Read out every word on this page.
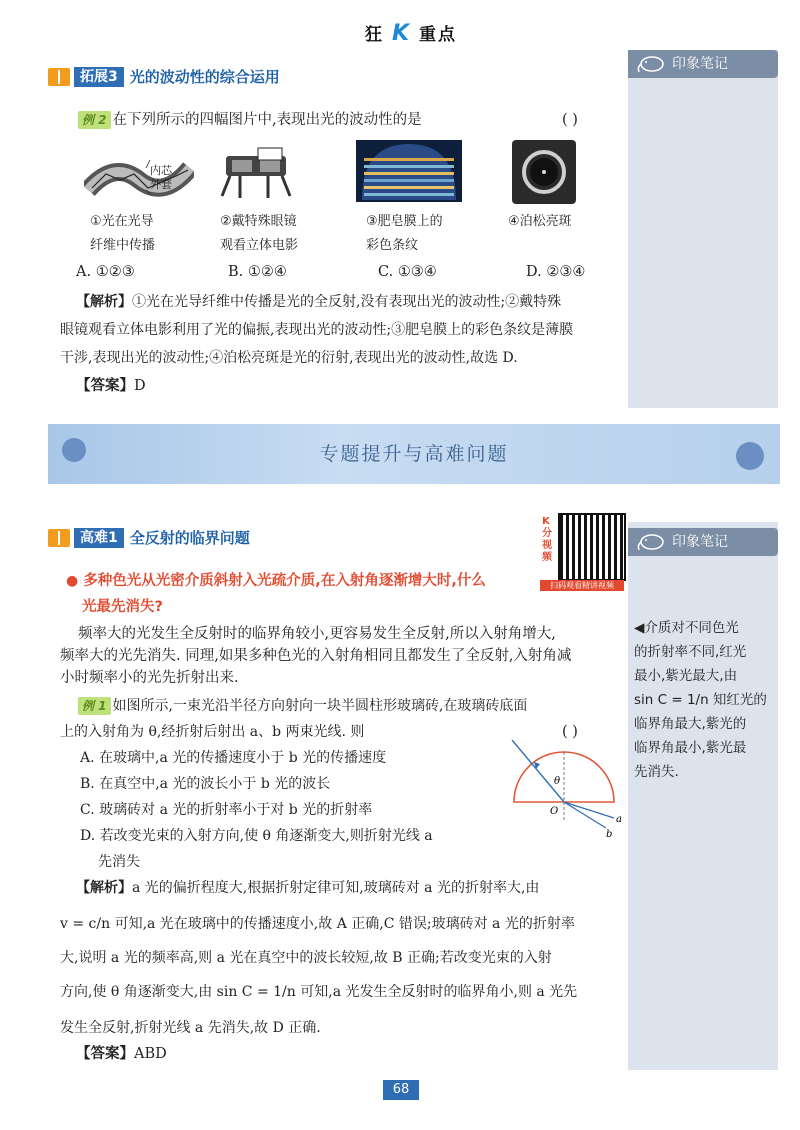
狂 K 重点
印象笔记
拓展3 光的波动性的综合运用
例 2 在下列所示的四幅图片中,表现出光的波动性的是	( )
内芯
外套
①光在光导
纤维中传播
②戴特殊眼镜
观看立体电影
③肥皂膜上的
彩色条纹
④泊松亮斑
A. ①②③	B. ①②④	C. ①③④	D. ②③④
【解析】①光在光导纤维中传播是光的全反射,没有表现出光的波动性;②戴特殊
眼镜观看立体电影利用了光的偏振,表现出光的波动性;③肥皂膜上的彩色条纹是薄膜
干涉,表现出光的波动性;④泊松亮斑是光的衍射,表现出光的波动性,故选 D.
【答案】D
专题提升与高难问题
高难1 全反射的临界问题
K分视频
扫码观看精讲视频
印象笔记
◀介质对不同色光
的折射率不同,红光
最小,紫光最大,由
sin C = 1/n 知红光的
临界角最大,紫光的
临界角最小,紫光最
先消失.
● 多种色光从光密介质斜射入光疏介质,在入射角逐渐增大时,什么
光最先消失?
频率大的光发生全反射时的临界角较小,更容易发生全反射,所以入射角增大,
频率大的光先消失. 同理,如果多种色光的入射角相同且都发生了全反射,入射角减
小时频率小的光先折射出来.
例 1 如图所示,一束光沿半径方向射向一块半圆柱形玻璃砖,在玻璃砖底面
上的入射角为 θ,经折射后射出 a、b 两束光线. 则	( )
A. 在玻璃中,a 光的传播速度小于 b 光的传播速度
B. 在真空中,a 光的波长小于 b 光的波长
C. 玻璃砖对 a 光的折射率小于对 b 光的折射率
D. 若改变光束的入射方向,使 θ 角逐渐变大,则折射光线 a
先消失
θ
O
a
b
【解析】a 光的偏折程度大,根据折射定律可知,玻璃砖对 a 光的折射率大,由
v = c/n 可知,a 光在玻璃中的传播速度小,故 A 正确,C 错误;玻璃砖对 a 光的折射率
大,说明 a 光的频率高,则 a 光在真空中的波长较短,故 B 正确;若改变光束的入射
方向,使 θ 角逐渐变大,由 sin C = 1/n 可知,a 光发生全反射时的临界角小,则 a 光先
发生全反射,折射光线 a 先消失,故 D 正确.
【答案】ABD
68
